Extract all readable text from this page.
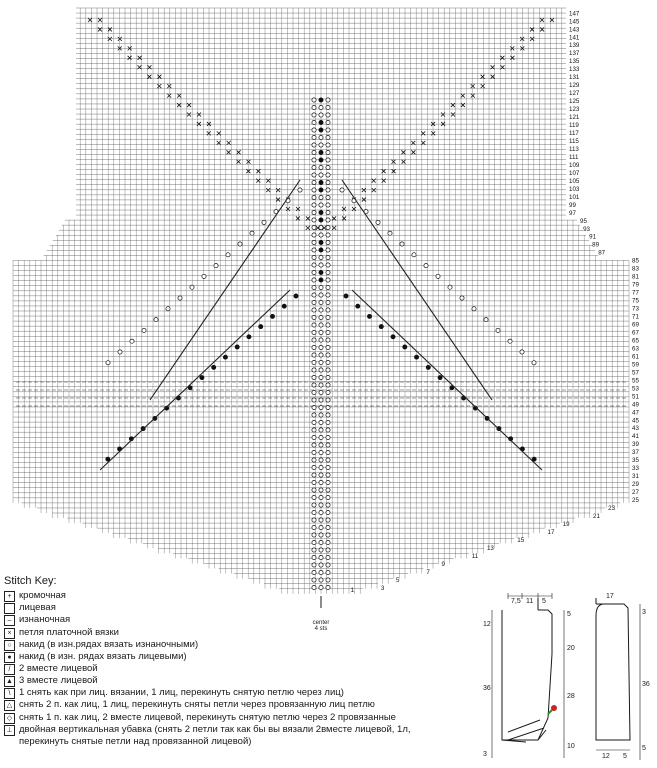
1	3
5
7
9
11
13
15
17
19
21
23
25
27
29
31
33
35
37
39
41
43
45
47
49
51
53
55
57
59
61
63
65
67
69
71
73
75
77
79
81
83
85
87
89
91
93
95
97
99
101
103
105
107
109
111
113
115
117
119
121
123
125
127
129
131
133
135
137
139
141
143
145
147
center
4 sts
Stitch Key:
+ кромочная
лицевая
– изнаночная
× петля платочной вязки
○ накид (в изн.рядах вязать изнаночными)
● накид (в изн. рядах вязать лицевыми)
/ 2 вместе лицевой
▲ 3 вместе лицевой
\ 1 снять как при лиц. вязании, 1 лиц, перекинуть снятую петлю через лиц)
△ снять 2 п. как лиц, 1 лиц, перекинуть сняты петли через провязанную лиц петлю
◇ снять 1 п. как лиц, 2 вместе лицевой, перекинуть снятую петлю через 2 провязанные
⊥ двойная вертикальная убавка (снять 2 петли так как бы вы вязали 2вместе лицевой, 1л,
перекинуть снятые петли над провязанной лицевой)
7,5 11 5
12
36
3
5
20
28
10
17
3
36
5
12 5
